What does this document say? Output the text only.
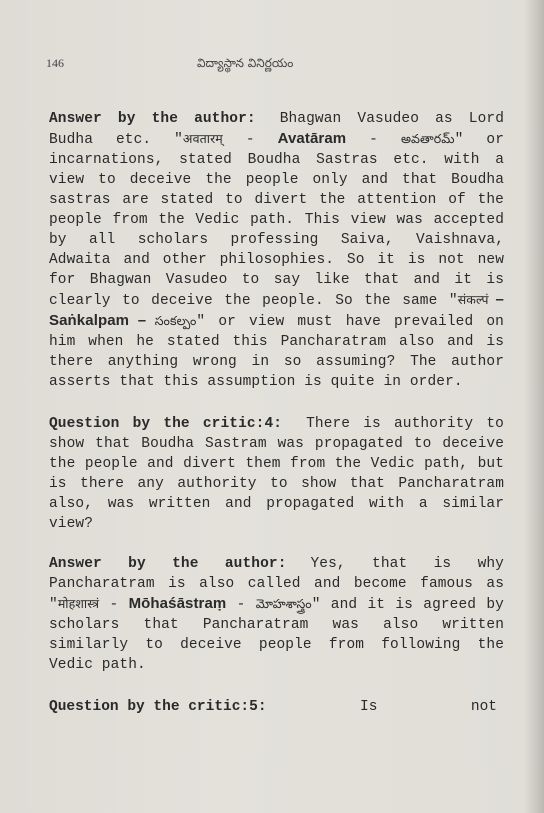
146	విద్యాస్థాన వినిర్ణయం

Answer by the author: Bhagwan Vasudeo as Lord Budha etc. "अवतारम् - Avatāram - అవతారమ్" or incarnations, stated Boudha Sastras etc. with a view to deceive the people only and that Boudha sastras are stated to divert the attention of the people from the Vedic path. This view was accepted by all scholars professing Saiva, Vaishnava, Adwaita and other philosophies. So it is not new for Bhagwan Vasudeo to say like that and it is clearly to deceive the people. So the same "संकल्पं – Saṅkalpam – సంకల్పం" or view must have prevailed on him when he stated this Pancharatram also and is there anything wrong in so assuming? The author asserts that this assumption is quite in order.

Question by the critic:4: There is authority to show that Boudha Sastram was propagated to deceive the people and divert them from the Vedic path, but is there any authority to show that Pancharatram also, was written and propagated with a similar view?

Answer by the author: Yes, that is why Pancharatram is also called and become famous as "मोहशास्त्रं - Mōhaśāstraṃ - మోహశాస్త్రం" and it is agreed by scholars that Pancharatram was also written similarly to deceive people from following the Vedic path.

Question by the critic:5:	Is	not
